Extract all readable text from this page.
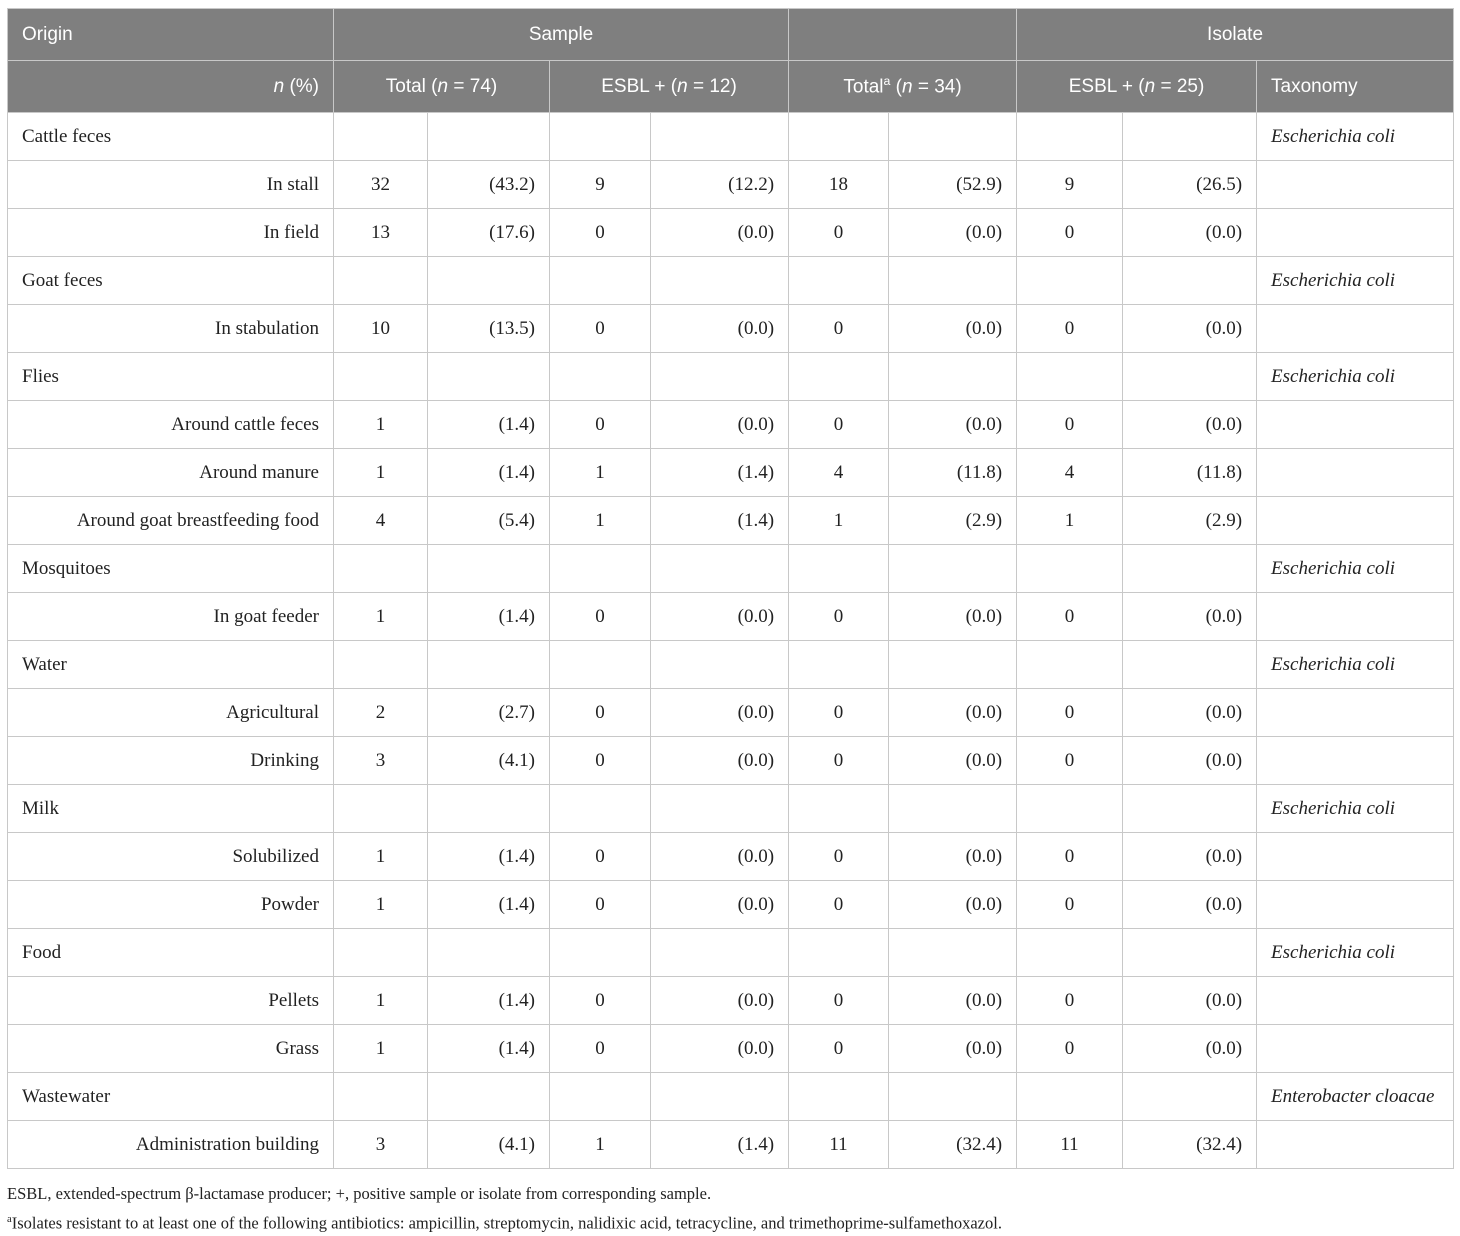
Origin	Sample						Isolate		
n (%)	Total (n = 74)		ESBL + (n = 12)		Total$^a$ (n = 34)		ESBL + (n = 25)		Taxonomy
Cattle feces									Escherichia coli
In stall	32	(43.2)	9	(12.2)	18	(52.9)	9	(26.5)	
In field	13	(17.6)	0	(0.0)	0	(0.0)	0	(0.0)	
Goat feces									Escherichia coli
In stabulation	10	(13.5)	0	(0.0)	0	(0.0)	0	(0.0)	
Flies									Escherichia coli
Around cattle feces	1	(1.4)	0	(0.0)	0	(0.0)	0	(0.0)	
Around manure	1	(1.4)	1	(1.4)	4	(11.8)	4	(11.8)	
Around goat breastfeeding food	4	(5.4)	1	(1.4)	1	(2.9)	1	(2.9)	
Mosquitoes									Escherichia coli
In goat feeder	1	(1.4)	0	(0.0)	0	(0.0)	0	(0.0)	
Water									Escherichia coli
Agricultural	2	(2.7)	0	(0.0)	0	(0.0)	0	(0.0)	
Drinking	3	(4.1)	0	(0.0)	0	(0.0)	0	(0.0)	
Milk									Escherichia coli
Solubilized	1	(1.4)	0	(0.0)	0	(0.0)	0	(0.0)	
Powder	1	(1.4)	0	(0.0)	0	(0.0)	0	(0.0)	
Food									Escherichia coli
Pellets	1	(1.4)	0	(0.0)	0	(0.0)	0	(0.0)	
Grass	1	(1.4)	0	(0.0)	0	(0.0)	0	(0.0)	
Wastewater									Enterobacter cloacae
Administration building	3	(4.1)	1	(1.4)	11	(32.4)	11	(32.4)	
ESBL, extended-spectrum β-lactamase producer; +, positive sample or isolate from corresponding sample.
$^a$Isolates resistant to at least one of the following antibiotics: ampicillin, streptomycin, nalidixic acid, tetracycline, and trimethoprime-sulfamethoxazol.
